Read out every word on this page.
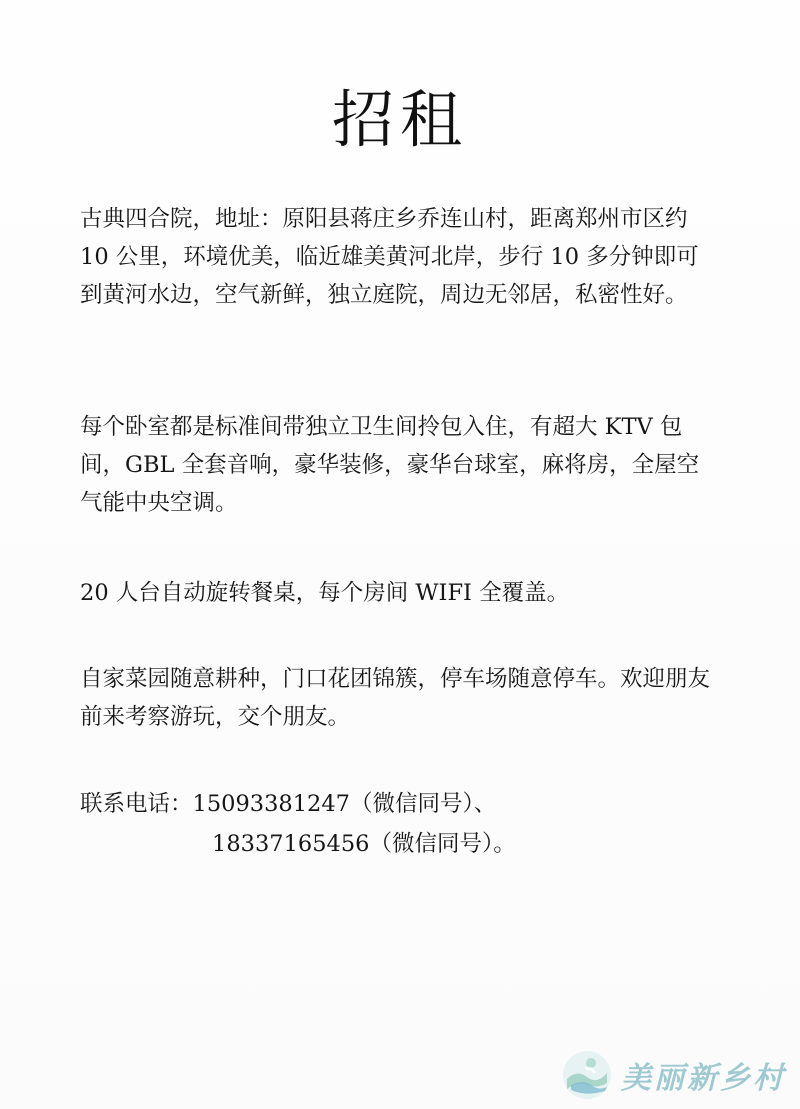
招租

古典四合院，地址：原阳县蒋庄乡乔连山村，距离郑州市区约 10 公里，环境优美，临近雄美黄河北岸，步行 10 多分钟即可到黄河水边，空气新鲜，独立庭院，周边无邻居，私密性好。

每个卧室都是标准间带独立卫生间拎包入住，有超大 KTV 包间，GBL 全套音响，豪华装修，豪华台球室，麻将房，全屋空气能中央空调。

20 人台自动旋转餐桌，每个房间 WIFI 全覆盖。

自家菜园随意耕种，门口花团锦簇，停车场随意停车。欢迎朋友前来考察游玩，交个朋友。

联系电话：15093381247（微信同号）、
18337165456（微信同号）。
美丽新乡村
